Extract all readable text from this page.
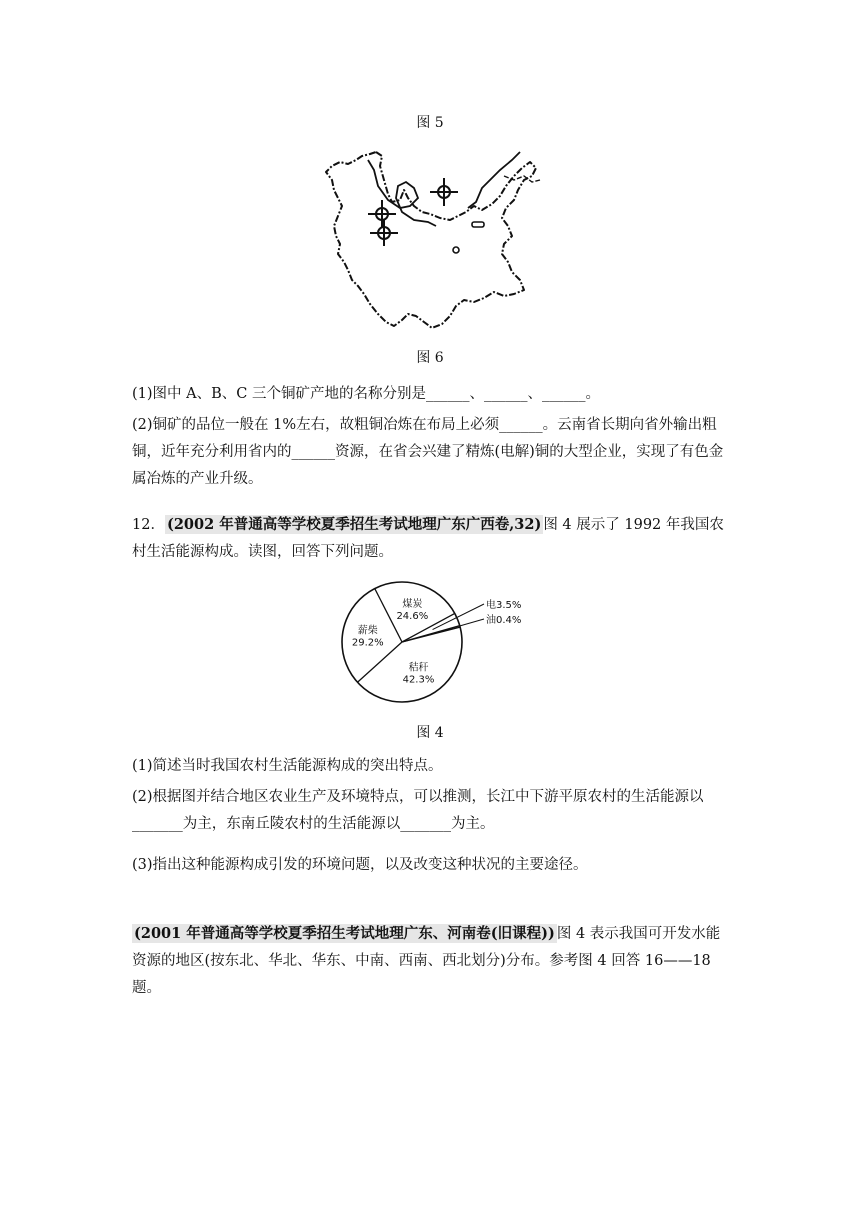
图 5
图 6
(1)图中 A、B、C 三个铜矿产地的名称分别是______、______、______。
(2)铜矿的品位一般在 1%左右，故粗铜冶炼在布局上必须______。云南省长期向省外输出粗铜，近年充分利用省内的______资源，在省会兴建了精炼(电解)铜的大型企业，实现了有色金属冶炼的产业升级。
12． (2002 年普通高等学校夏季招生考试地理广东广西卷,32) 图 4 展示了 1992 年我国农村生活能源构成。读图，回答下列问题。
煤炭
24.6%
电3.5%
油0.4%
秸秆
42.3%
薪柴
29.2%
图 4
(1)简述当时我国农村生活能源构成的突出特点。
(2)根据图并结合地区农业生产及环境特点，可以推测，长江中下游平原农村的生活能源以_______为主，东南丘陵农村的生活能源以_______为主。
(3)指出这种能源构成引发的环境问题，以及改变这种状况的主要途径。
(2001 年普通高等学校夏季招生考试地理广东、河南卷(旧课程)) 图 4 表示我国可开发水能资源的地区(按东北、华北、华东、中南、西南、西北划分)分布。参考图 4 回答 16——18 题。
